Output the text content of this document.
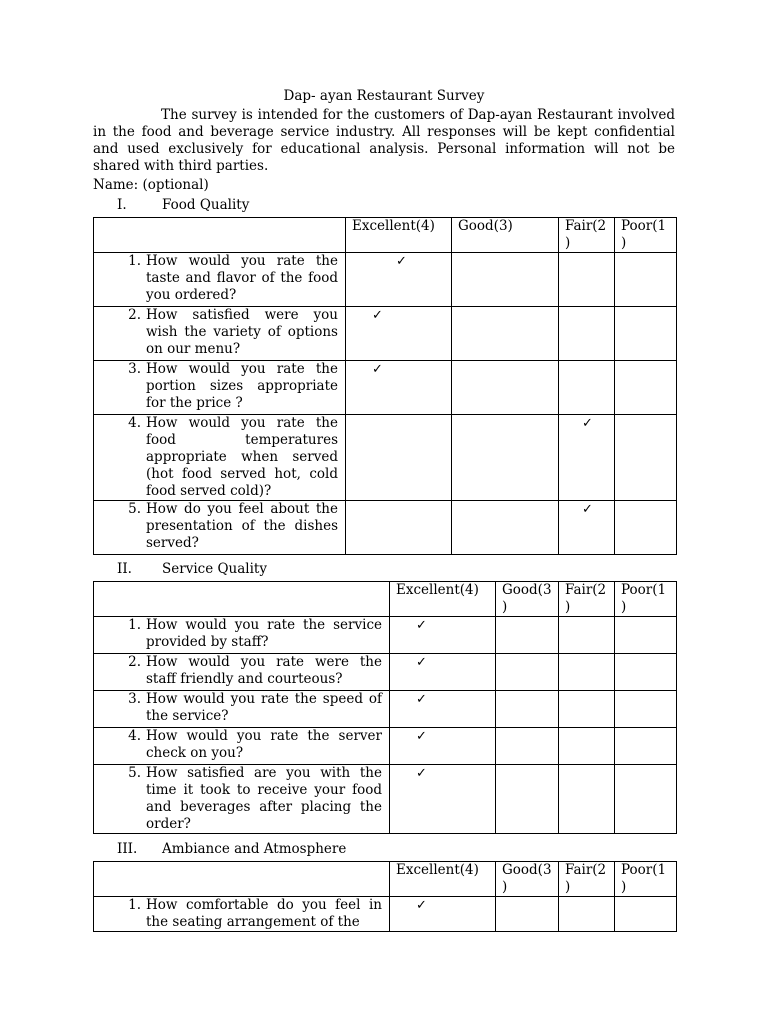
Dap- ayan Restaurant Survey

The survey is intended for the customers of Dap-ayan Restaurant involved in the food and beverage service industry. All responses will be kept confidential and used exclusively for educational analysis. Personal information will not be shared with third parties.

Name: (optional)
I.	Food Quality
	Excellent(4)	Good(3)	Fair(2
)	Poor(1
)

1. How would you rate the taste and flavor of the food you ordered?	✓			

2. How satisfied were you wish the variety of options on our menu?	✓			

3. How would you rate the portion sizes appropriate for the price ?	✓			

4. How would you rate the food temperatures appropriate when served (hot food served hot, cold food served cold)?		✓		

5. How do you feel about the presentation of the dishes served?		✓		
II.	Service Quality
	Excellent(4)	Good(3
)	Fair(2
)	Poor(1
)

1. How would you rate the service provided by staff?	✓			

2. How would you rate were the staff friendly and courteous?	✓			

3. How would you rate the speed of the service?	✓			

4. How would you rate the server check on you?	✓			

5. How satisfied are you with the time it took to receive your food and beverages after placing the order?	✓			
III.	Ambiance and Atmosphere
	Excellent(4)	Good(3
)	Fair(2
)	Poor(1
)

1. How comfortable do you feel in the seating arrangement of the	✓			
